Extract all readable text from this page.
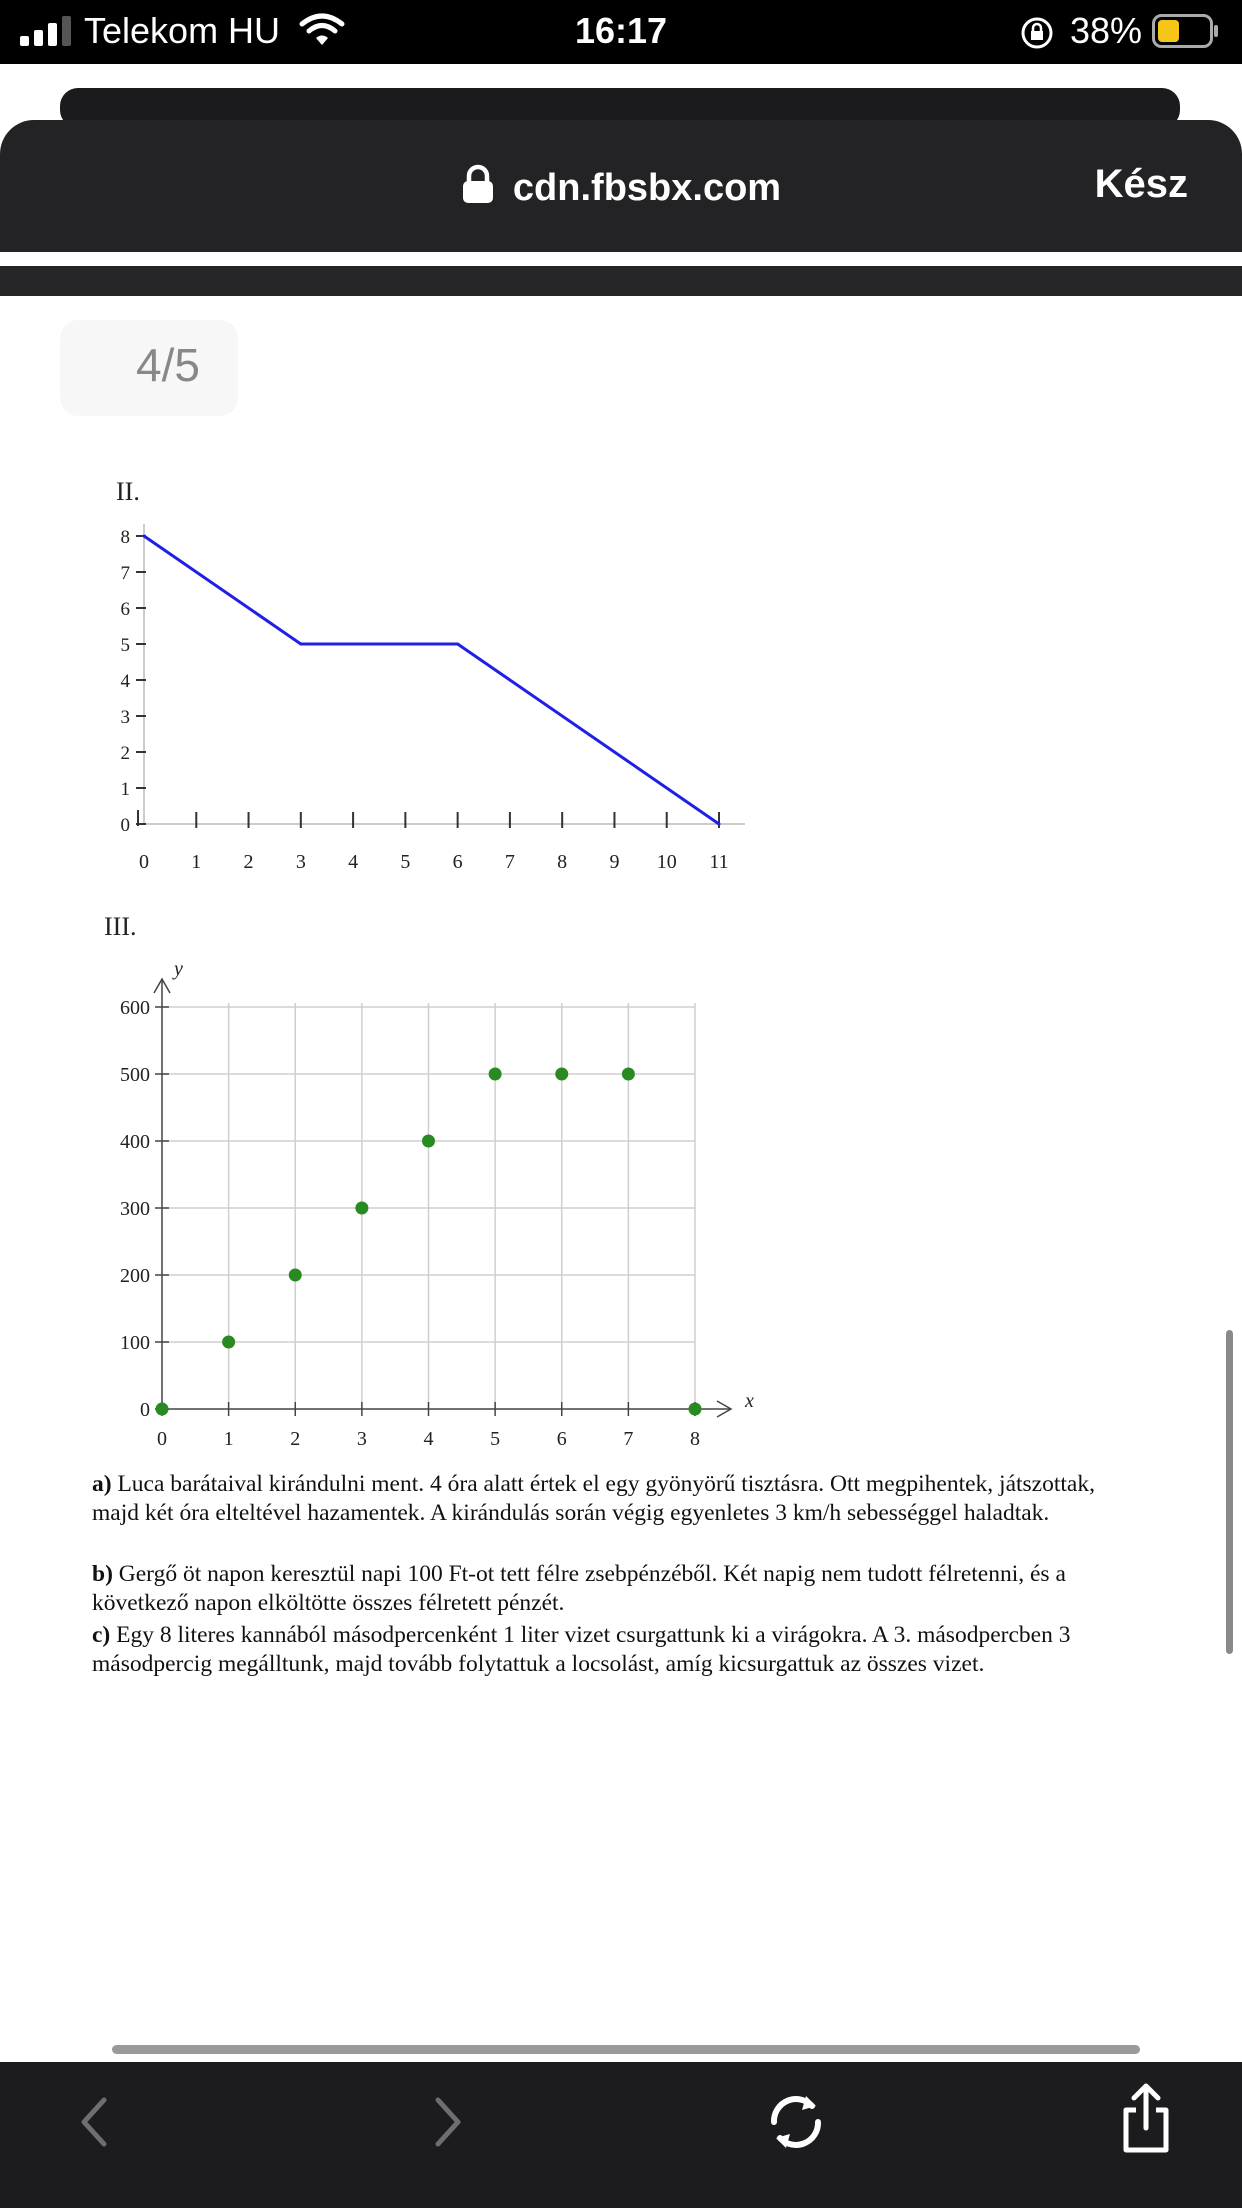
Telekom HU	16:17	38%
cdn.fbsbx.com	Kész
4/5
II.
0
1
2
3
4
5
6
7
8
0 1 2 3 4 5 6 7 8 9 10 11
III.
x
y
0
100
200
300
400
500
600
0	1	2	3	4	5	6	7	8
a) Luca barátaival kirándulni ment. 4 óra alatt értek el egy gyönyörű tisztásra. Ott megpihentek, játszottak, majd két óra elteltével hazamentek. A kirándulás során végig egyenletes 3 km/h sebességgel haladtak.
b) Gergő öt napon keresztül napi 100 Ft-ot tett félre zsebpénzéből. Két napig nem tudott félretenni, és a következő napon elköltötte összes félretett pénzét.
c) Egy 8 literes kannából másodpercenként 1 liter vizet csurgattunk ki a virágokra. A 3. másodpercben 3 másodpercig megálltunk, majd tovább folytattuk a locsolást, amíg kicsurgattuk az összes vizet.
